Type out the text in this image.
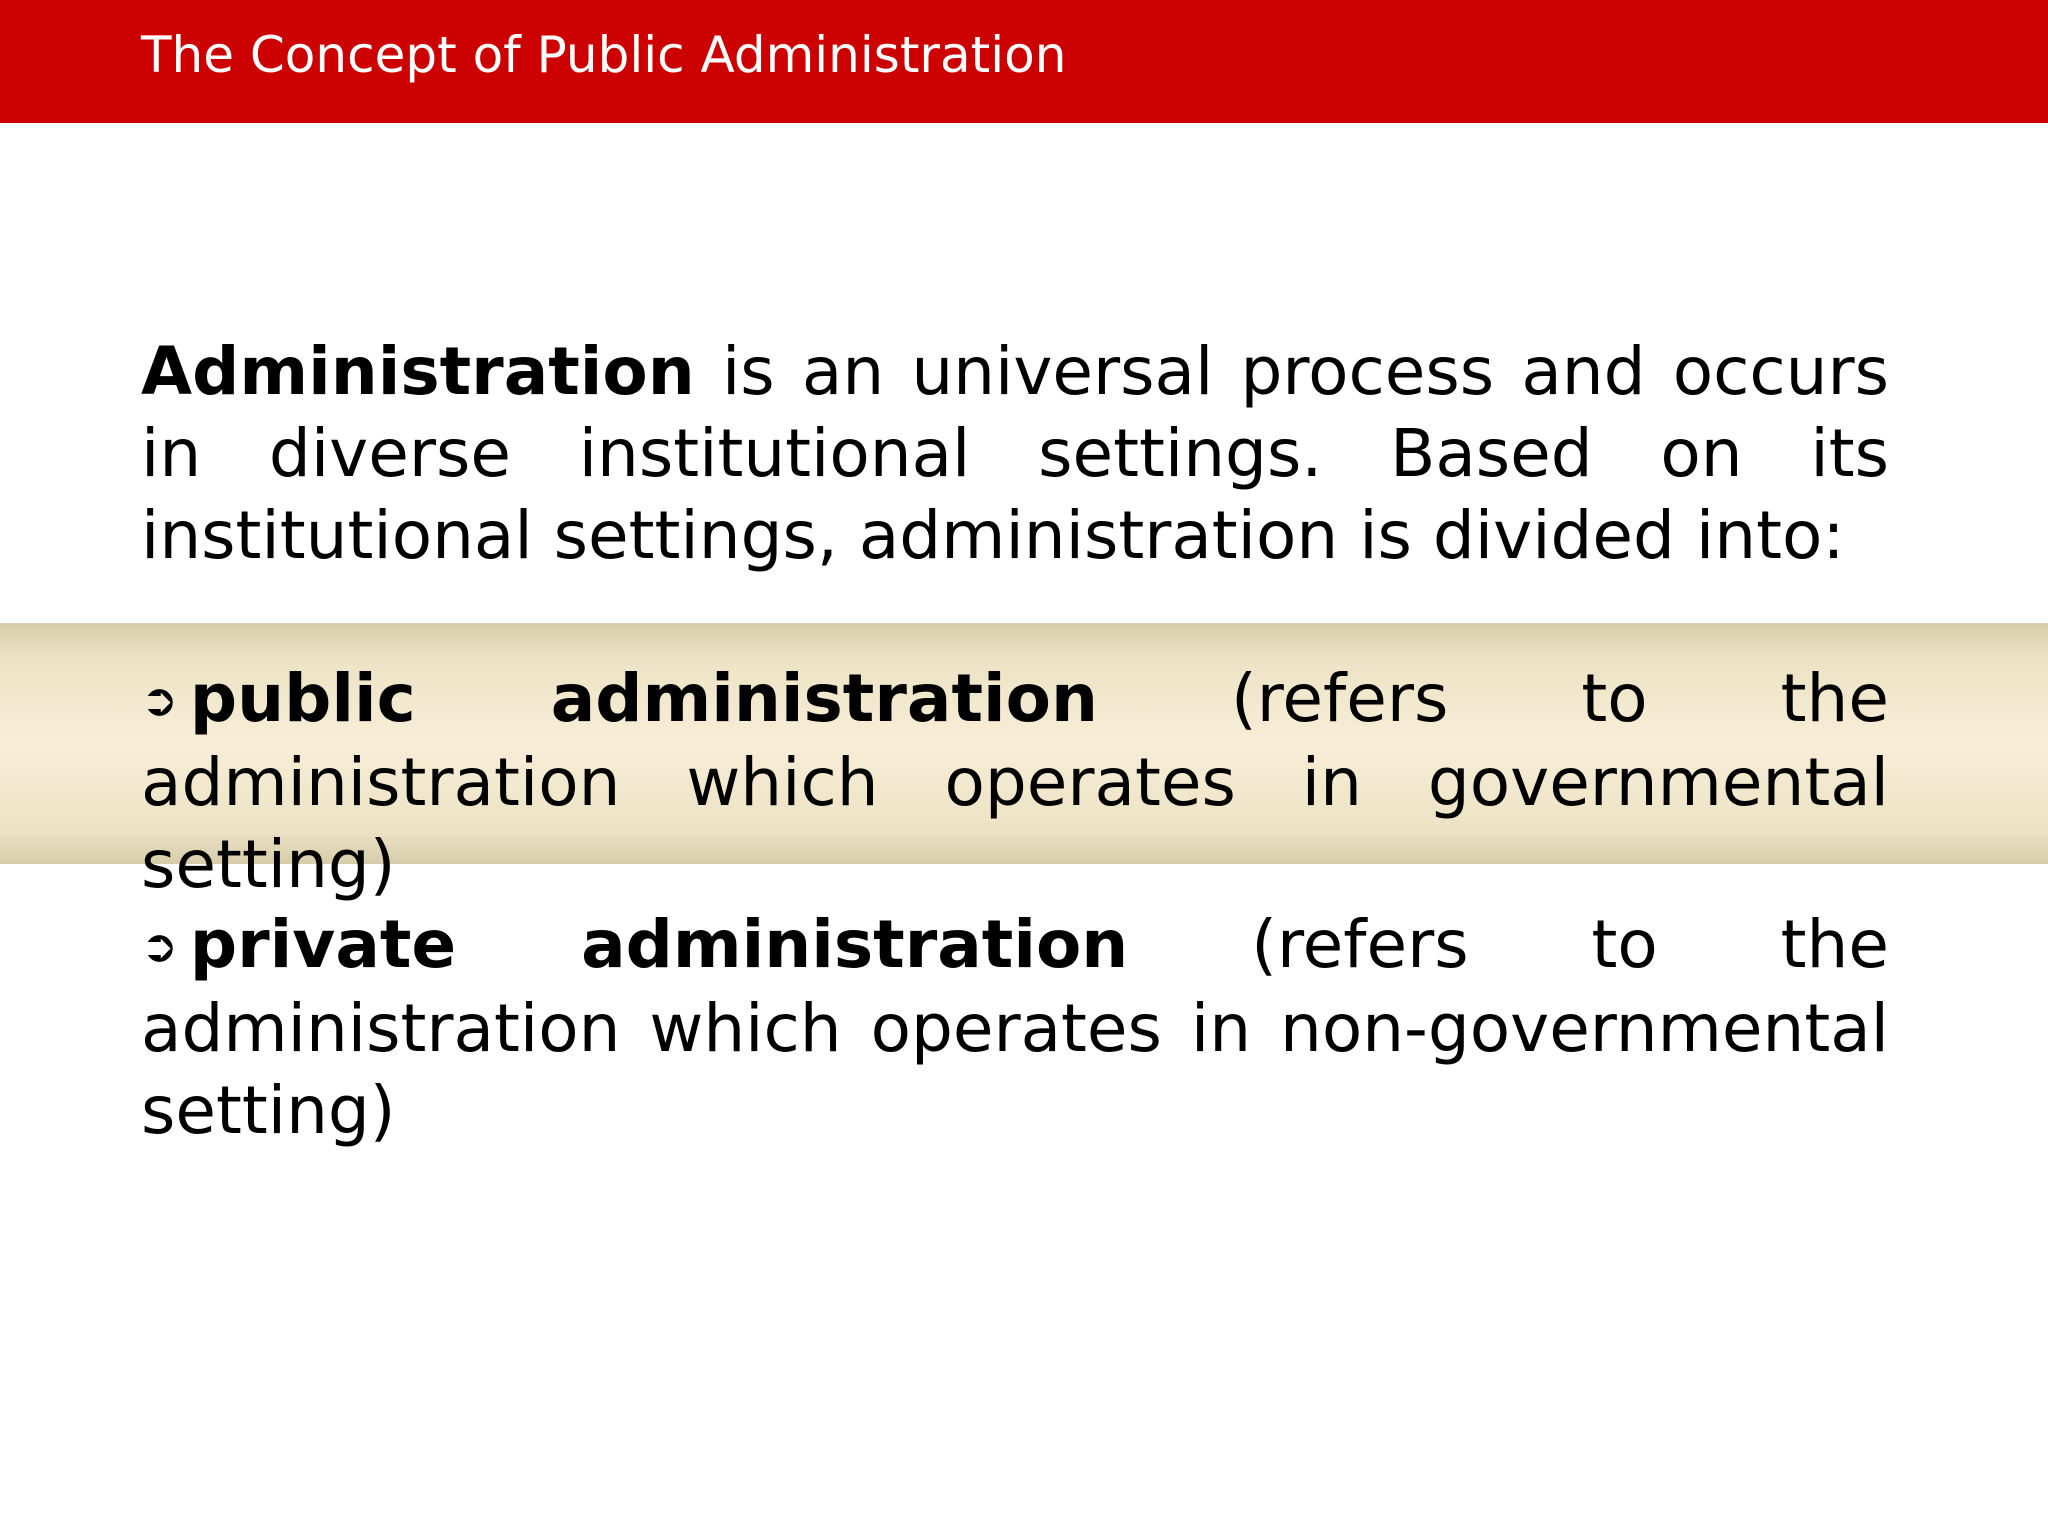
The Concept of Public Administration

Administration is an universal process and occurs in diverse institutional settings. Based on its institutional settings, administration is divided into:

➲ public administration (refers to the administration which operates in governmental setting)

➲ private administration (refers to the administration which operates in non-governmental setting)
